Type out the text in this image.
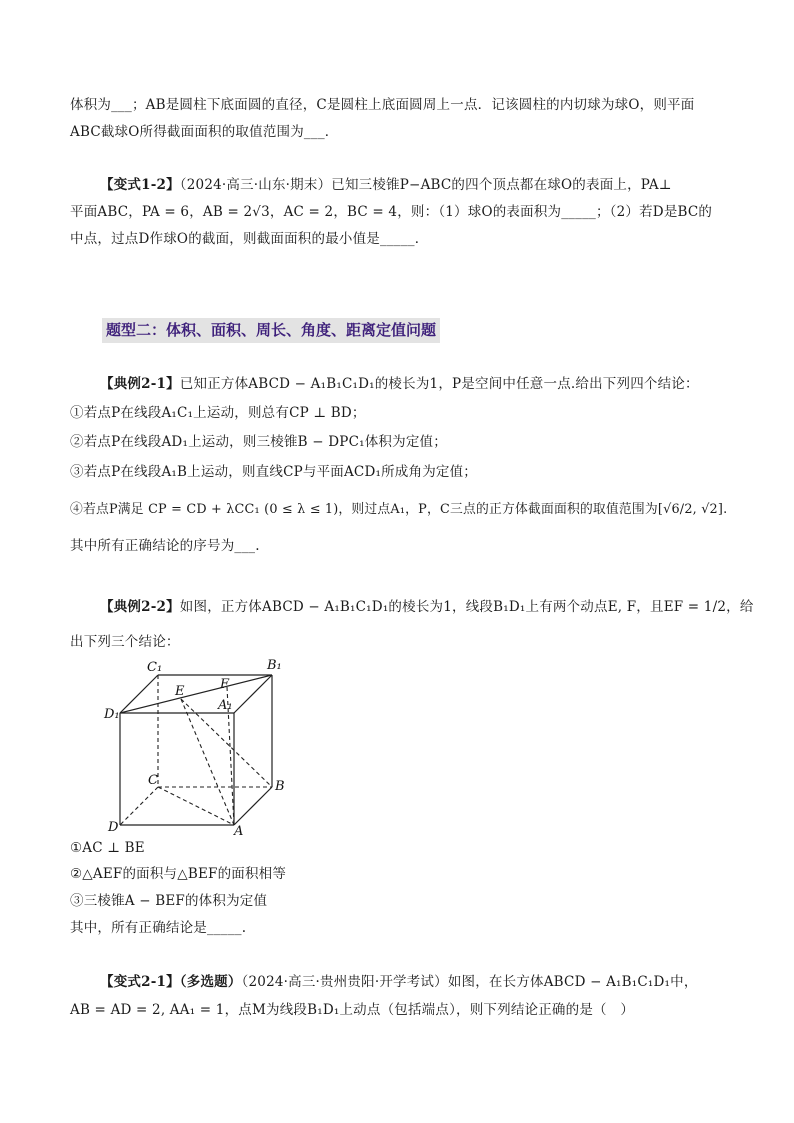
体积为___；AB是圆柱下底面圆的直径，C是圆柱上底面圆周上一点．记该圆柱的内切球为球O，则平面
ABC截球O所得截面面积的取值范围为___．
【变式1-2】（2024·高三·山东·期末）已知三棱锥P−ABC的四个顶点都在球O的表面上，PA⊥
平面ABC，PA = 6，AB = 2√3，AC = 2，BC = 4，则：（1）球O的表面积为_____；（2）若D是BC的
中点，过点D作球O的截面，则截面面积的最小值是_____．
题型二：体积、面积、周长、角度、距离定值问题
【典例2-1】已知正方体ABCD − A₁B₁C₁D₁的棱长为1，P是空间中任意一点.给出下列四个结论：
①若点P在线段A₁C₁上运动，则总有CP ⊥ BD；
②若点P在线段AD₁上运动，则三棱锥B − DPC₁体积为定值；
③若点P在线段A₁B上运动，则直线CP与平面ACD₁所成角为定值；
④若点P满足 CP = CD + λCC₁ (0 ≤ λ ≤ 1)，则过点A₁，P，C三点的正方体截面面积的取值范围为[√6/2, √2].
其中所有正确结论的序号为___.
【典例2-2】如图，正方体ABCD − A₁B₁C₁D₁的棱长为1，线段B₁D₁上有两个动点E, F，且EF = 1/2，给
出下列三个结论：
C₁	B₁
E	F
A₁
D₁
C	B
D	A
①AC ⊥ BE
②△AEF的面积与△BEF的面积相等
③三棱锥A − BEF的体积为定值
其中，所有正确结论是_____.
【变式2-1】（多选题）（2024·高三·贵州贵阳·开学考试）如图，在长方体ABCD − A₁B₁C₁D₁中，
AB = AD = 2, AA₁ = 1，点M为线段B₁D₁上动点（包括端点），则下列结论正确的是（　）
